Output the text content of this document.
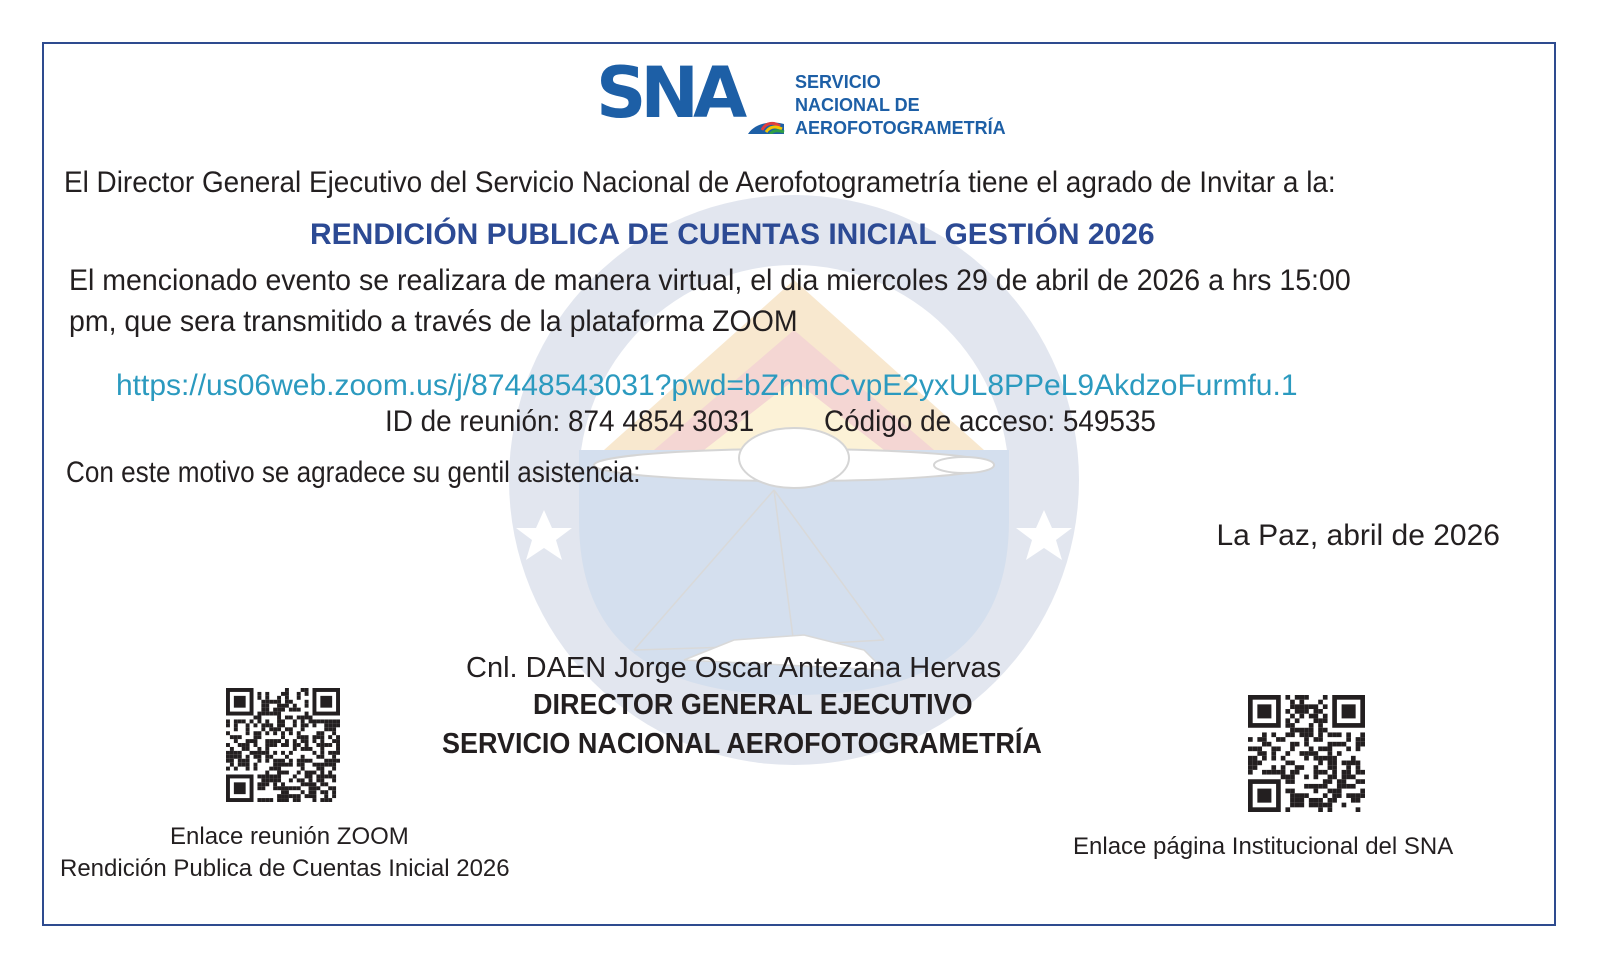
SNA	SERVICIO
NACIONAL DE
AEROFOTOGRAMETRÍA
El Director General Ejecutivo del Servicio Nacional de Aerofotogrametría tiene el agrado de Invitar a la:
RENDICIÓN PUBLICA DE CUENTAS INICIAL GESTIÓN 2026
El mencionado evento se realizara de manera virtual, el dia miercoles 29 de abril de 2026 a hrs 15:00
pm, que sera transmitido a través de la plataforma ZOOM
https://us06web.zoom.us/j/87448543031?pwd=bZmmCvpE2yxUL8PPeL9AkdzoFurmfu.1
ID de reunión: 874 4854 3031 Código de acceso: 549535
Con este motivo se agradece su gentil asistencia:
La Paz, abril de 2026
Cnl. DAEN Jorge Oscar Antezana Hervas
DIRECTOR GENERAL EJECUTIVO
SERVICIO NACIONAL AEROFOTOGRAMETRÍA
Enlace reunión ZOOM
Rendición Publica de Cuentas Inicial 2026
Enlace página Institucional del SNA
